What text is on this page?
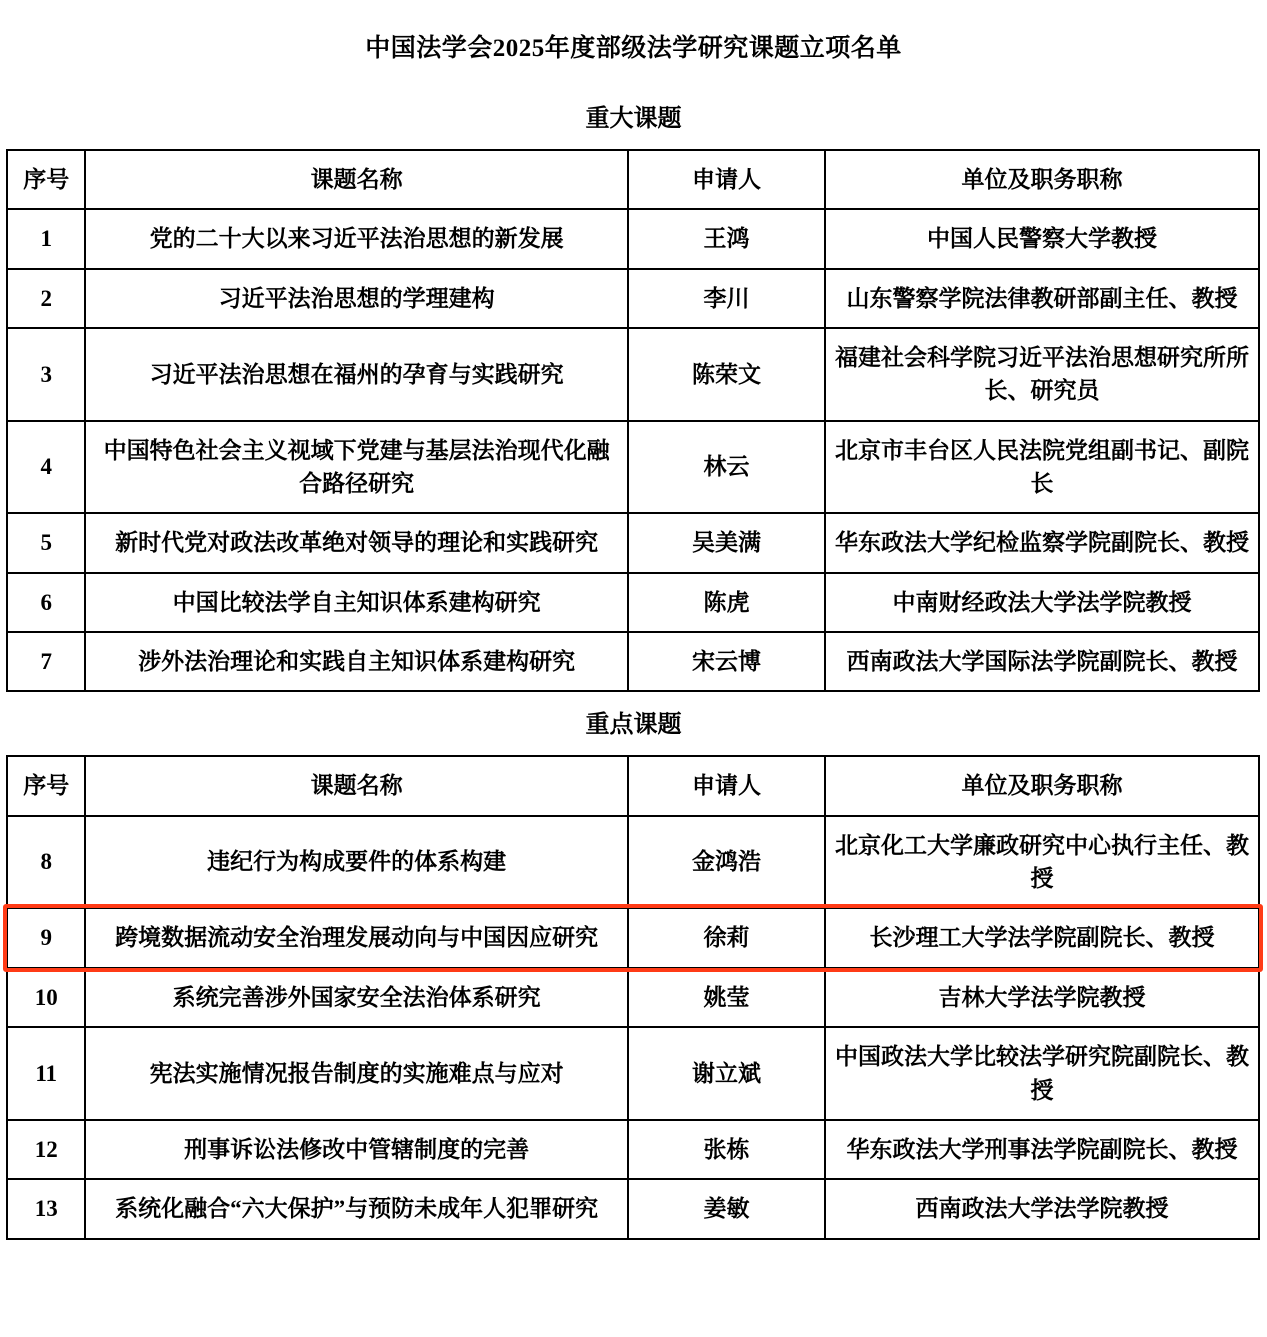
中国法学会2025年度部级法学研究课题立项名单
重大课题
序号	课题名称	申请人	单位及职务职称
1	党的二十大以来习近平法治思想的新发展	王鸿	中国人民警察大学教授
2	习近平法治思想的学理建构	李川	山东警察学院法律教研部副主任、教授
3	习近平法治思想在福州的孕育与实践研究	陈荣文	福建社会科学院习近平法治思想研究所所长、研究员
4	中国特色社会主义视域下党建与基层法治现代化融合路径研究	林云	北京市丰台区人民法院党组副书记、副院长
5	新时代党对政法改革绝对领导的理论和实践研究	吴美满	华东政法大学纪检监察学院副院长、教授
6	中国比较法学自主知识体系建构研究	陈虎	中南财经政法大学法学院教授
7	涉外法治理论和实践自主知识体系建构研究	宋云博	西南政法大学国际法学院副院长、教授
重点课题
序号	课题名称	申请人	单位及职务职称
8	违纪行为构成要件的体系构建	金鸿浩	北京化工大学廉政研究中心执行主任、教授
9	跨境数据流动安全治理发展动向与中国因应研究	徐莉	长沙理工大学法学院副院长、教授
10	系统完善涉外国家安全法治体系研究	姚莹	吉林大学法学院教授
11	宪法实施情况报告制度的实施难点与应对	谢立斌	中国政法大学比较法学研究院副院长、教授
12	刑事诉讼法修改中管辖制度的完善	张栋	华东政法大学刑事法学院副院长、教授
13	系统化融合“六大保护”与预防未成年人犯罪研究	姜敏	西南政法大学法学院教授
